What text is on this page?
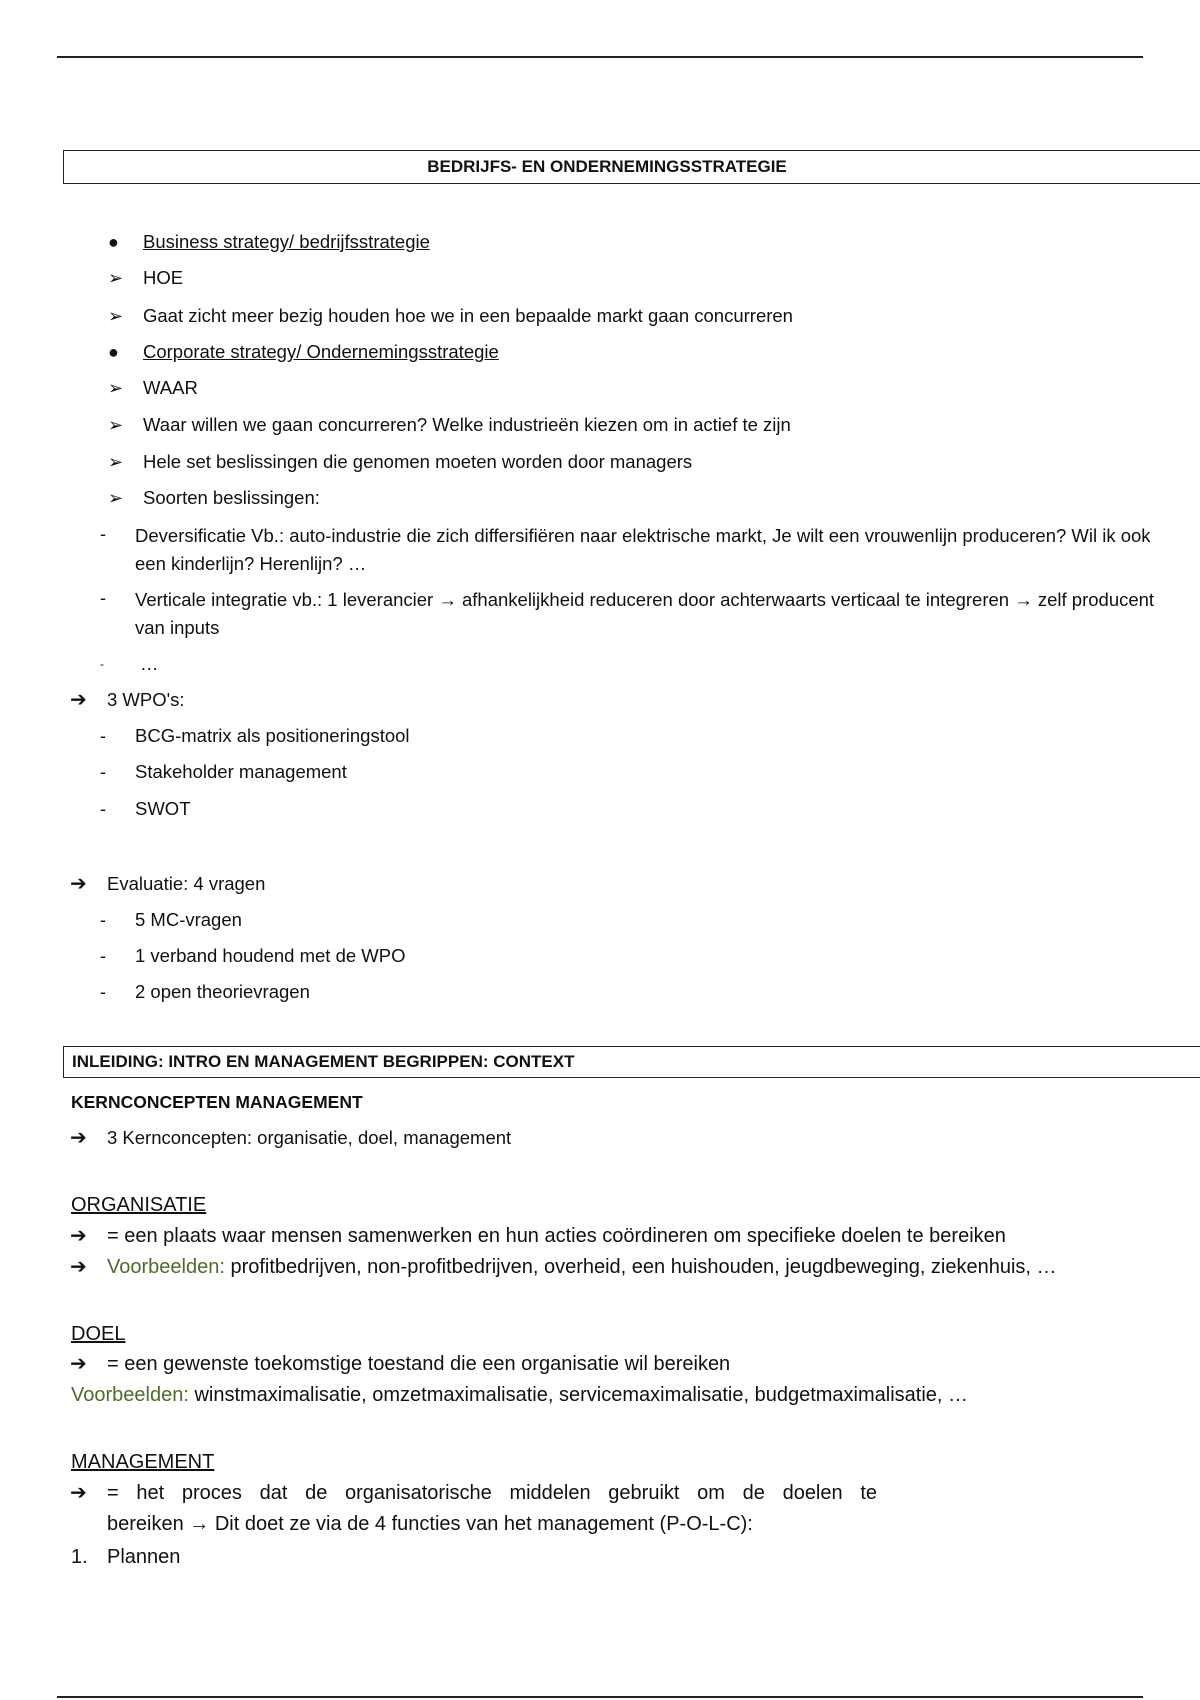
BEDRIJFS- EN ONDERNEMINGSSTRATEGIE
● Business strategy/ bedrijfsstrategie
➢ HOE
➢ Gaat zicht meer bezig houden hoe we in een bepaalde markt gaan concurreren
● Corporate strategy/ Ondernemingsstrategie
➢ WAAR
➢ Waar willen we gaan concurreren? Welke industrieën kiezen om in actief te zijn
➢ Hele set beslissingen die genomen moeten worden door managers
➢ Soorten beslissingen:
- Deversificatie Vb.: auto-industrie die zich differsifiëren naar elektrische markt, Je wilt een vrouwenlijn produceren? Wil ik ook een kinderlijn? Herenlijn? …
- Verticale integratie vb.: 1 leverancier → afhankelijkheid reduceren door achterwaarts verticaal te integreren → zelf producent van inputs
- …
➔ 3 WPO's:
- BCG-matrix als positioneringstool
- Stakeholder management
- SWOT
➔ Evaluatie: 4 vragen
- 5 MC-vragen
- 1 verband houdend met de WPO
- 2 open theorievragen
INLEIDING: INTRO EN MANAGEMENT BEGRIPPEN: CONTEXT
KERNCONCEPTEN MANAGEMENT
➔ 3 Kernconcepten: organisatie, doel, management
ORGANISATIE
➔ = een plaats waar mensen samenwerken en hun acties coördineren om specifieke doelen te bereiken
➔ Voorbeelden: profitbedrijven, non-profitbedrijven, overheid, een huishouden, jeugdbeweging, ziekenhuis, …
DOEL
➔ = een gewenste toekomstige toestand die een organisatie wil bereiken
Voorbeelden: winstmaximalisatie, omzetmaximalisatie, servicemaximalisatie, budgetmaximalisatie, …
MANAGEMENT
➔ = het proces dat de organisatorische middelen gebruikt om de doelen te
bereiken → Dit doet ze via de 4 functies van het management (P-O-L-C):
1. Plannen
